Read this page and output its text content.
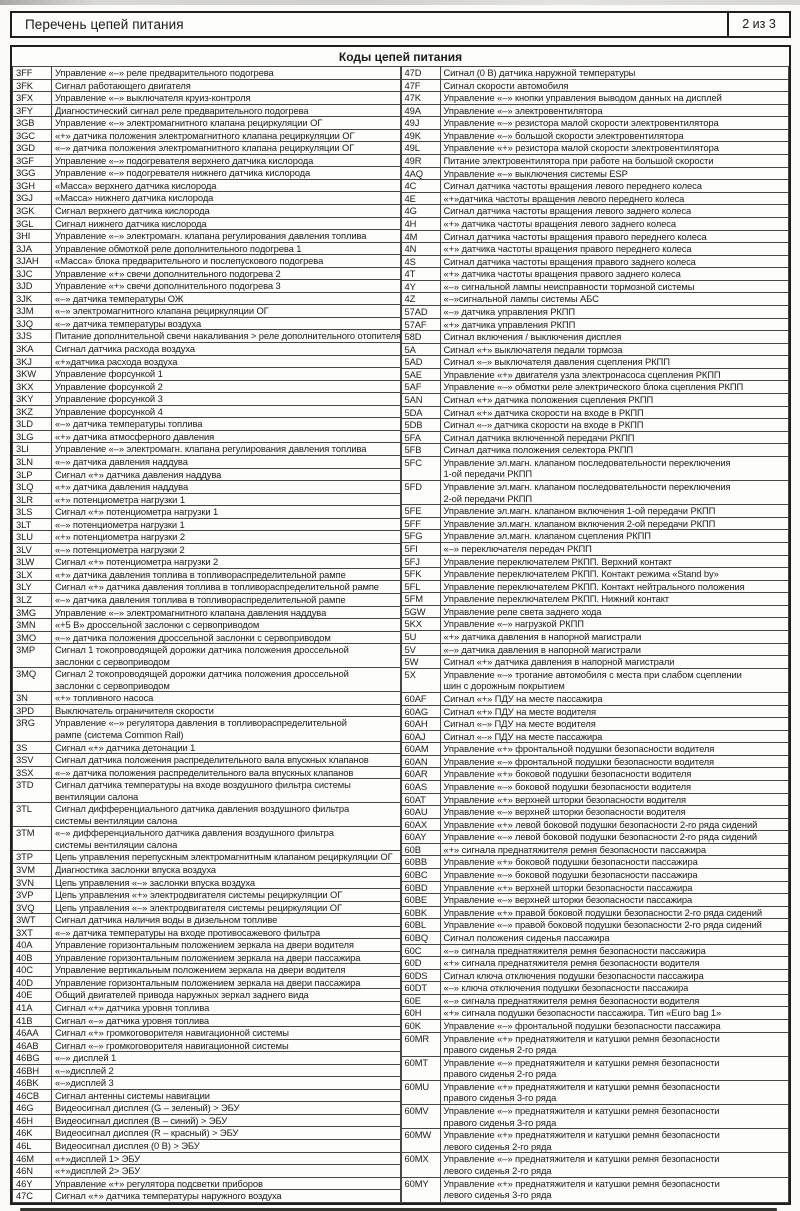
Перечень цепей питания	2 из 3
Коды цепей питания
3FF	Управление «–» реле предварительного подогрева

3FK	Сигнал работающего двигателя

3FX	Управление «–» выключателя круиз-контроля

3FY	Диагностический сигнал реле предварительного подогрева

3GB	Управление «–» электромагнитного клапана рециркуляции ОГ

3GC	«+» датчика положения электромагнитного клапана рециркуляции ОГ

3GD	«–» датчика положения электромагнитного клапана рециркуляции ОГ

3GF	Управление «–» подогревателя верхнего датчика кислорода

3GG	Управление «–» подогревателя нижнего датчика кислорода

3GH	«Масса» верхнего датчика кислорода

3GJ	«Масса» нижнего датчика кислорода

3GK	Сигнал верхнего датчика кислорода

3GL	Сигнал нижнего датчика кислорода

3HI	Управление «–» электромагн. клапана регулирования давления топлива

3JA	Управление обмоткой реле дополнительного подогрева 1

3JAH	«Масса» блока предварительного и послепускового подогрева

3JC	Управление «+» свечи дополнительного подогрева 2

3JD	Управление «+» свечи дополнительного подогрева 3

3JK	«–» датчика температуры ОЖ

3JM	«–» электромагнитного клапана рециркуляции ОГ

3JQ	«–» датчика температуры воздуха

3JS	Питание дополнительной свечи накаливания > реле дополнительного отопителя

3KA	Сигнал датчика расхода воздуха

3KJ	«+»датчика расхода воздуха

3KW	Управление форсункой 1

3KX	Управление форсункой 2

3KY	Управление форсункой 3

3KZ	Управление форсункой 4

3LD	«–» датчика температуры топлива

3LG	«+» датчика атмосферного давления

3LI	Управление «–» электромагн. клапана регулирования давления топлива

3LN	«–» датчика давления наддува

3LP	Сигнал «+» датчика давления наддува

3LQ	«+» датчика давления наддува

3LR	«+» потенциометра нагрузки 1

3LS	Сигнал «+» потенциометра нагрузки 1

3LT	«–» потенциометра нагрузки 1

3LU	«+» потенциометра нагрузки 2

3LV	«–» потенциометра нагрузки 2

3LW	Сигнал «+» потенциометра нагрузки 2

3LX	«+» датчика давления топлива в топливораспределительной рампе

3LY	Сигнал «+» датчика давления топлива в топливораспределительной рампе

3LZ	«–» датчика давления топлива в топливораспределительной рампе

3MG	Управление «–» электромагнитного клапана давления наддува

3MN	«+5 В» дроссельной заслонки с сервоприводом

3MO	«–» датчика положения дроссельной заслонки с сервоприводом

3MP	Сигнал 1 токопроводящей дорожки датчика положения дроссельной
заслонки с сервоприводом

3MQ	Сигнал 2 токопроводящей дорожки датчика положения дроссельной
заслонки с сервоприводом

3N	«+» топливного насоса

3PD	Выключатель ограничителя скорости

3RG	Управление «–» регулятора давления в топливораспределительной
рампе (система Common Rail)

3S	Сигнал «+» датчика детонации 1

3SV	Сигнал датчика положения распределительного вала впускных клапанов

3SX	«–» датчика положения распределительного вала впускных клапанов

3TD	Сигнал датчика температуры на входе воздушного фильтра системы
вентиляции салона

3TL	Сигнал дифференциального датчика давления воздушного фильтра
системы вентиляции салона

3TM	«–» дифференциального датчика давления воздушного фильтра
системы вентиляции салона

3TP	Цепь управления перепускным электромагнитным клапаном рециркуляции ОГ

3VM	Диагностика заслонки впуска воздуха

3VN	Цепь управления «–» заслонки впуска воздуха

3VP	Цепь управления «+» электродвигателя системы рециркуляции ОГ

3VQ	Цепь управления «–» электродвигателя системы рециркуляции ОГ

3WT	Сигнал датчика наличия воды в дизельном топливе

3XT	«–» датчика температуры на входе противосажевого фильтра

40A	Управление горизонтальным положением зеркала на двери водителя

40B	Управление горизонтальным положением зеркала на двери пассажира

40C	Управление вертикальным положением зеркала на двери водителя

40D	Управление горизонтальным положением зеркала на двери пассажира

40E	Общий двигателей привода наружных зеркал заднего вида

41A	Сигнал «+» датчика уровня топлива

41B	Сигнал «–» датчика уровня топлива

46AA	Сигнал «+» громкоговорителя навигационной системы

46AB	Сигнал «–» громкоговорителя навигационной системы

46BG	«–» дисплей 1

46BH	«–»дисплей 2

46BK	«–»дисплей 3

46CB	Сигнал антенны системы навигации

46G	Видеосигнал дисплея (G – зеленый) > ЭБУ

46H	Видеосигнал дисплея (B – синий) > ЭБУ

46K	Видеосигнал дисплея (R – красный) > ЭБУ

46L	Видеосигнал дисплея (0 В) > ЭБУ

46M	«+»дисплей 1> ЭБУ

46N	«+»дисплей 2> ЭБУ

46Y	Управление «+» регулятора подсветки приборов

47C	Сигнал «+» датчика температуры наружного воздуха
47D	Сигнал (0 В) датчика наружной температуры

47F	Сигнал скорости автомобиля

47K	Управление «–» кнопки управления выводом данных на дисплей

49A	Управление «–» электровентилятора

49J	Управление «–» резистора малой скорости электровентилятора

49K	Управление «–» большой скорости электровентилятора

49L	Управление «+» резистора малой скорости электровентилятора

49R	Питание электровентилятора при работе на большой скорости

4AQ	Управление «–» выключения системы ESP

4C	Сигнал датчика частоты вращения левого переднего колеса

4E	«+»датчика частоты вращения левого переднего колеса

4G	Сигнал датчика частоты вращения левого заднего колеса

4H	«+» датчика частоты вращения левого заднего колеса

4M	Сигнал датчика частоты вращения правого переднего колеса

4N	«+» датчика частоты вращения правого переднего колеса

4S	Сигнал датчика частоты вращения правого заднего колеса

4T	«+» датчика частоты вращения правого заднего колеса

4Y	«–» сигнальной лампы неисправности тормозной системы

4Z	«–»сигнальной лампы системы АБС

57AD	«–» датчика управления РКПП

57AF	«+» датчика управления РКПП

58D	Сигнал включения / выключения дисплея

5A	Сигнал «+» выключателя педали тормоза

5AD	Сигнал «–» выключателя давления сцепления РКПП

5AE	Управление «+» двигателя узла электронасоса сцепления РКПП

5AF	Управление «–» обмотки реле электрического блока сцепления РКПП

5AN	Сигнал «+» датчика положения сцепления РКПП

5DA	Сигнал «+» датчика скорости на входе в РКПП

5DB	Сигнал «–» датчика скорости на входе в РКПП

5FA	Сигнал датчика включенной передачи РКПП

5FB	Сигнал датчика положения селектора РКПП

5FC	Управление эл.магн. клапаном последовательности переключения
1-ой передачи РКПП

5FD	Управление эл.магн. клапаном последовательности переключения
2-ой передачи РКПП

5FE	Управление эл.магн. клапаном включения 1-ой передачи РКПП

5FF	Управление эл.магн. клапаном включения 2-ой передачи РКПП

5FG	Управление эл.магн. клапаном сцепления РКПП

5FI	«–» переключателя передач РКПП

5FJ	Управление переключателем РКПП. Верхний контакт

5FK	Управление переключателем РКПП. Контакт режима «Stand by»

5FL	Управление переключателем РКПП. Контакт нейтрального положения

5FM	Управление переключателем РКПП. Нижний контакт

5GW	Управление реле света заднего хода

5KX	Управление «–» нагрузкой РКПП

5U	«+» датчика давления в напорной магистрали

5V	«–» датчика давления в напорной магистрали

5W	Сигнал «+» датчика давления в напорной магистрали

5X	Управление «–» трогание автомобиля с места при слабом сцеплении
шин с дорожным покрытием

60AF	Сигнал «+» ПДУ на месте пассажира

60AG	Сигнал «+» ПДУ на месте водителя

60AH	Сигнал «–» ПДУ на месте водителя

60AJ	Сигнал «–» ПДУ на месте пассажира

60AM	Управление «+» фронтальной подушки безопасности водителя

60AN	Управление «–» фронтальной подушки безопасности водителя

60AR	Управление «+» боковой подушки безопасности водителя

60AS	Управление «–» боковой подушки безопасности водителя

60AT	Управление «+» верхней шторки безопасности водителя

60AU	Управление «–» верхней шторки безопасности водителя

60AX	Управление «+» левой боковой подушки безопасности 2-го ряда сидений

60AY	Управление «–» левой боковой подушки безопасности 2-го ряда сидений

60B	«+» сигнала преднатяжителя ремня безопасности пассажира

60BB	Управление «+» боковой подушки безопасности пассажира

60BC	Управление «–» боковой подушки безопасности пассажира

60BD	Управление «+» верхней шторки безопасности пассажира

60BE	Управление «–» верхней шторки безопасности пассажира

60BK	Управление «+» правой боковой подушки безопасности 2-го ряда сидений

60BL	Управление «–» правой боковой подушки безопасности 2-го ряда сидений

60BQ	Сигнал положения сиденья пассажира

60C	«–» сигнала преднатяжителя ремня безопасности пассажира

60D	«+» сигнала преднатяжителя ремня безопасности водителя

60DS	Сигнал ключа отключения подушки безопасности пассажира

60DT	«–» ключа отключения подушки безопасности пассажира

60E	«–» сигнала преднатяжителя ремня безопасности водителя

60H	«+» сигнала подушки безопасности пассажира. Тип «Euro bag 1»

60K	Управление «–» фронтальной подушки безопасности пассажира

60MR	Управление «+» преднатяжителя и катушки ремня безопасности
правого сиденья 2-го ряда

60MT	Управление «–» преднатяжителя и катушки ремня безопасности
правого сиденья 2-го ряда

60MU	Управление «+» преднатяжителя и катушки ремня безопасности
правого сиденья 3-го ряда

60MV	Управление «–» преднатяжителя и катушки ремня безопасности
правого сиденья 3-го ряда

60MW	Управление «+» преднатяжителя и катушки ремня безопасности
левого сиденья 2-го ряда

60MX	Управление «–» преднатяжителя и катушки ремня безопасности
левого сиденья 2-го ряда

60MY	Управление «+» преднатяжителя и катушки ремня безопасности
левого сиденья 3-го ряда
